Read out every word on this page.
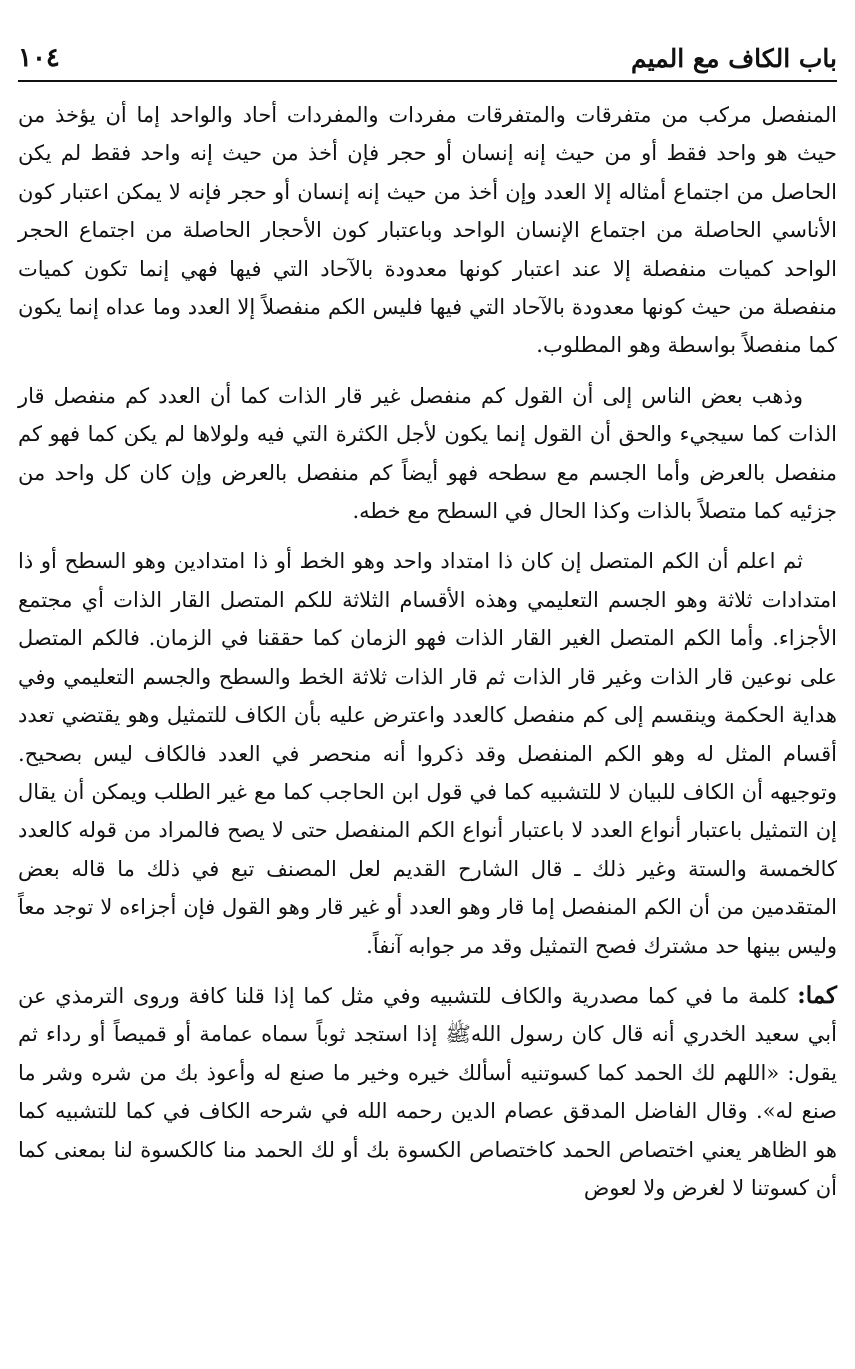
باب الكاف مع الميم
١٠٤

المنفصل مركب من متفرقات والمتفرقات مفردات والمفردات أحاد والواحد إما أن يؤخذ من حيث هو واحد فقط أو من حيث إنه إنسان أو حجر فإن أخذ من حيث إنه واحد فقط لم يكن الحاصل من اجتماع أمثاله إلا العدد وإن أخذ من حيث إنه إنسان أو حجر فإنه لا يمكن اعتبار كون الأناسي الحاصلة من اجتماع الإنسان الواحد وباعتبار كون الأحجار الحاصلة من اجتماع الحجر الواحد كميات منفصلة إلا عند اعتبار كونها معدودة بالآحاد التي فيها فهي إنما تكون كميات منفصلة من حيث كونها معدودة بالآحاد التي فيها فليس الكم منفصلاً إلا العدد وما عداه إنما يكون كما منفصلاً بواسطة وهو المطلوب.

وذهب بعض الناس إلى أن القول كم منفصل غير قار الذات كما أن العدد كم منفصل قار الذات كما سيجيء والحق أن القول إنما يكون لأجل الكثرة التي فيه ولولاها لم يكن كما فهو كم منفصل بالعرض وأما الجسم مع سطحه فهو أيضاً كم منفصل بالعرض وإن كان كل واحد من جزئيه كما متصلاً بالذات وكذا الحال في السطح مع خطه.

ثم اعلم أن الكم المتصل إن كان ذا امتداد واحد وهو الخط أو ذا امتدادين وهو السطح أو ذا امتدادات ثلاثة وهو الجسم التعليمي وهذه الأقسام الثلاثة للكم المتصل القار الذات أي مجتمع الأجزاء. وأما الكم المتصل الغير القار الذات فهو الزمان كما حققنا في الزمان. فالكم المتصل على نوعين قار الذات وغير قار الذات ثم قار الذات ثلاثة الخط والسطح والجسم التعليمي وفي هداية الحكمة وينقسم إلى كم منفصل كالعدد واعترض عليه بأن الكاف للتمثيل وهو يقتضي تعدد أقسام المثل له وهو الكم المنفصل وقد ذكروا أنه منحصر في العدد فالكاف ليس بصحيح. وتوجيهه أن الكاف للبيان لا للتشبيه كما في قول ابن الحاجب كما مع غير الطلب ويمكن أن يقال إن التمثيل باعتبار أنواع العدد لا باعتبار أنواع الكم المنفصل حتى لا يصح فالمراد من قوله كالعدد كالخمسة والستة وغير ذلك ـ قال الشارح القديم لعل المصنف تبع في ذلك ما قاله بعض المتقدمين من أن الكم المنفصل إما قار وهو العدد أو غير قار وهو القول فإن أجزاءه لا توجد معاً وليس بينها حد مشترك فصح التمثيل وقد مر جوابه آنفاً.

كما: كلمة ما في كما مصدرية والكاف للتشبيه وفي مثل كما إذا قلنا كافة وروى الترمذي عن أبي سعيد الخدري أنه قال كان رسول اللهﷺ إذا استجد ثوباً سماه عمامة أو قميصاً أو رداء ثم يقول: «اللهم لك الحمد كما كسوتنيه أسألك خيره وخير ما صنع له وأعوذ بك من شره وشر ما صنع له». وقال الفاضل المدقق عصام الدين رحمه الله في شرحه الكاف في كما للتشبيه كما هو الظاهر يعني اختصاص الحمد كاختصاص الكسوة بك أو لك الحمد منا كالكسوة لنا بمعنى كما أن كسوتنا لا لغرض ولا لعوض
